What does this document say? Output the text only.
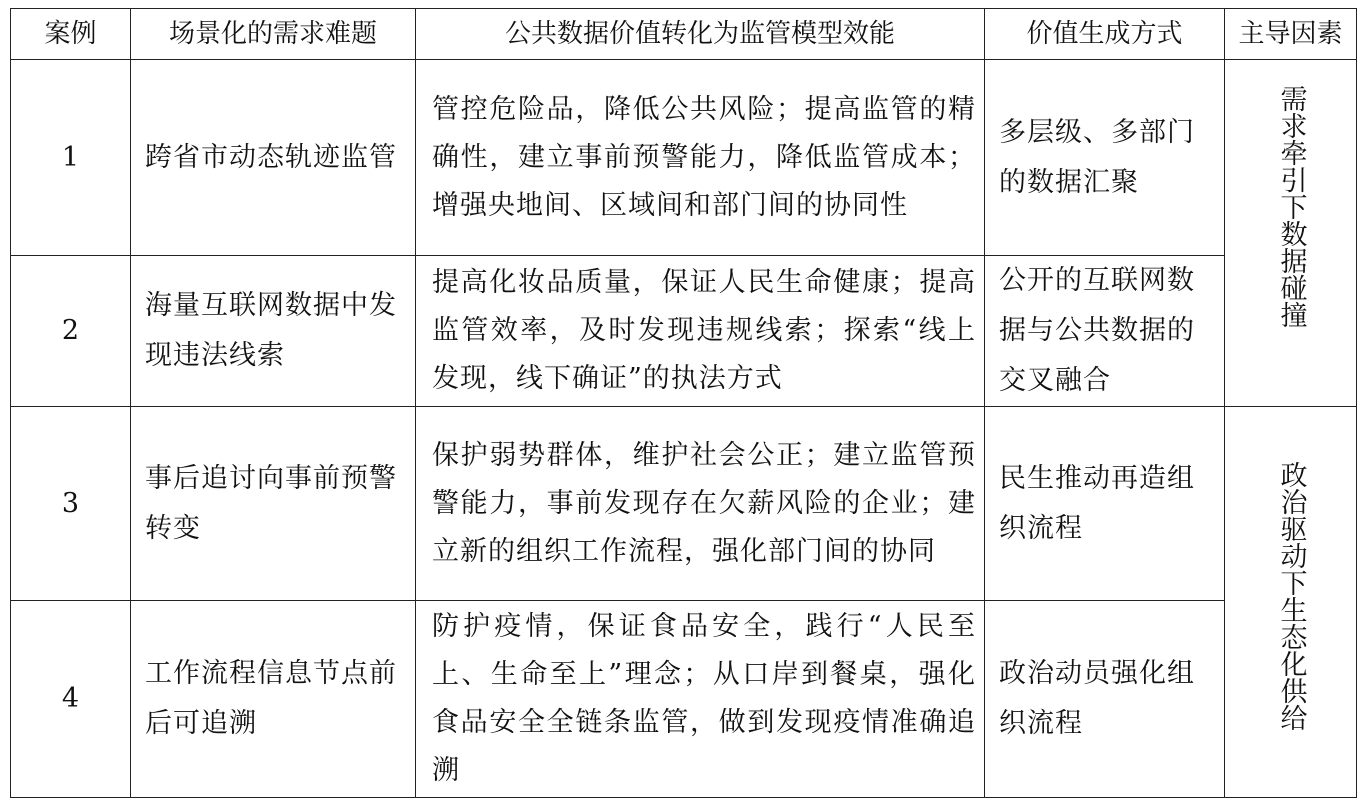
案例	场景化的需求难题	公共数据价值转化为监管模型效能	价值生成方式	主导因素
1	跨省市动态轨迹监管	管控危险品，降低公共风险；提高监管的精确性，建立事前预警能力，降低监管成本；增强央地间、区域间和部门间的协同性	多层级、多部门的数据汇聚	需求牵引下数据碰撞
2	海量互联网数据中发现违法线索	提高化妆品质量，保证人民生命健康；提高监管效率，及时发现违规线索；探索“线上发现，线下确证”的执法方式	公开的互联网数据与公共数据的交叉融合	
3	事后追讨向事前预警转变	保护弱势群体，维护社会公正；建立监管预警能力，事前发现存在欠薪风险的企业；建立新的组织工作流程，强化部门间的协同	民生推动再造组织流程	政治驱动下生态化供给
4	工作流程信息节点前后可追溯	防护疫情，保证食品安全，践行“人民至上、生命至上”理念；从口岸到餐桌，强化食品安全全链条监管，做到发现疫情准确追溯	政治动员强化组织流程	
